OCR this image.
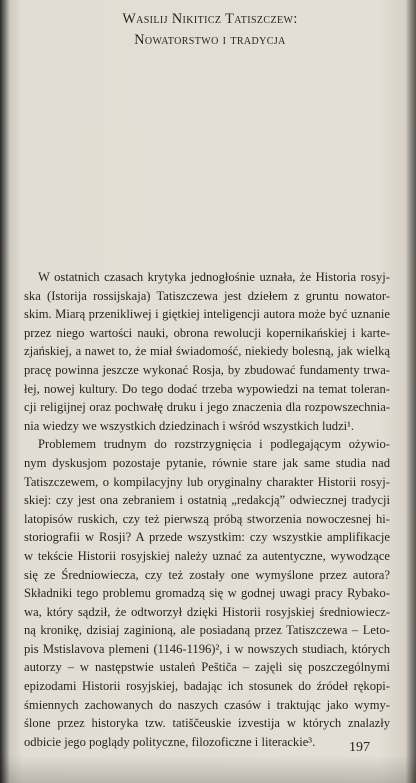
Wasilij Nikiticz Tatiszczew:
Nowatorstwo i tradycja
W ostatnich czasach krytyka jednogłośnie uznała, że Historia rosyj-
ska (Istorija rossijskaja) Tatiszczewa jest dziełem z gruntu nowator-
skim. Miarą przenikliwej i giętkiej inteligencji autora może być uznanie
przez niego wartości nauki, obrona rewolucji kopernikańskiej i karte-
zjańskiej, a nawet to, że miał świadomość, niekiedy bolesną, jak wielką
pracę powinna jeszcze wykonać Rosja, by zbudować fundamenty trwa-
łej, nowej kultury. Do tego dodać trzeba wypowiedzi na temat toleran-
cji religijnej oraz pochwałę druku i jego znaczenia dla rozpowszechnia-
nia wiedzy we wszystkich dziedzinach i wśród wszystkich ludzi¹.
Problemem trudnym do rozstrzygnięcia i podlegającym ożywio-
nym dyskusjom pozostaje pytanie, równie stare jak same studia nad
Tatiszczewem, o kompilacyjny lub oryginalny charakter Historii rosyj-
skiej: czy jest ona zebraniem i ostatnią „redakcją” odwiecznej tradycji
latopisów ruskich, czy też pierwszą próbą stworzenia nowoczesnej hi-
storiografii w Rosji? A przede wszystkim: czy wszystkie amplifikacje
w tekście Historii rosyjskiej należy uznać za autentyczne, wywodzące
się ze Średniowiecza, czy też zostały one wymyślone przez autora?
Składniki tego problemu gromadzą się w godnej uwagi pracy Rybako-
wa, który sądził, że odtworzył dzięki Historii rosyjskiej średniowiecz-
ną kronikę, dzisiaj zaginioną, ale posiadaną przez Tatiszczewa – Leto-
pis Mstislavova plemeni (1146-1196)², i w nowszych studiach, których
autorzy – w następstwie ustaleń Peštiča – zajęli się poszczególnymi
epizodami Historii rosyjskiej, badając ich stosunek do źródeł rękopi-
śmiennych zachowanych do naszych czasów i traktując jako wymy-
ślone przez historyka tzw. tatiščeuskie izvestija w których znalazły
odbicie jego poglądy polityczne, filozoficzne i literackie³.	197
